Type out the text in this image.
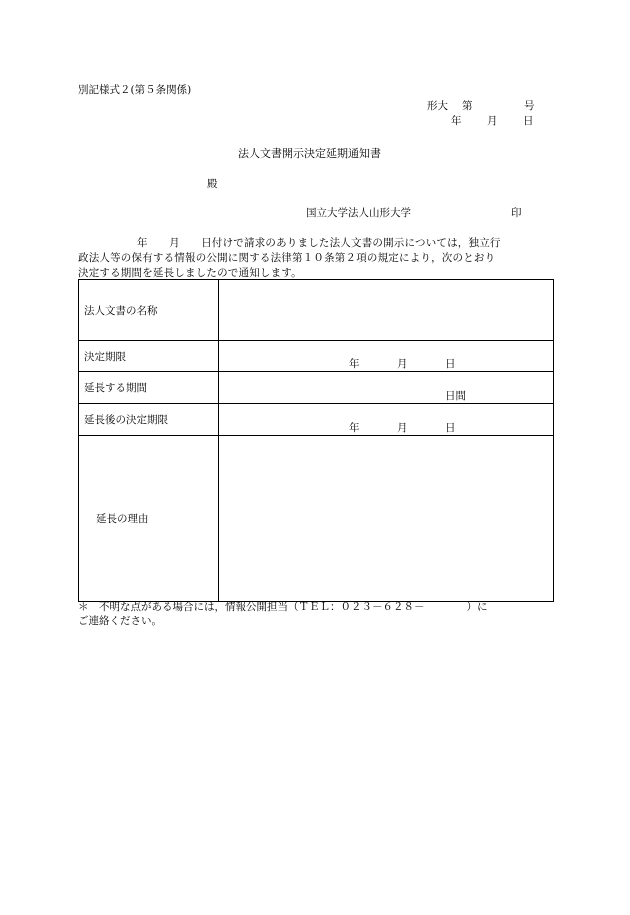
別記様式２(第５条関係)
形大 第	号
年 月 日
法人文書開示決定延期通知書
殿
国立大学法人山形大学	印
年　　月　　日付けで請求のありました法人文書の開示については，独立行
政法人等の保有する情報の公開に関する法律第１０条第２項の規定により，次のとおり
決定する期間を延長しましたので通知します。
法人文書の名称	
決定期限	年 月 日

延長する期間	日間

延長後の決定期限	年 月 日

延長の理由	
＊　不明な点がある場合には，情報公開担当（ＴＥＬ：０２３－６２８－　　　　）に
ご連絡ください。
